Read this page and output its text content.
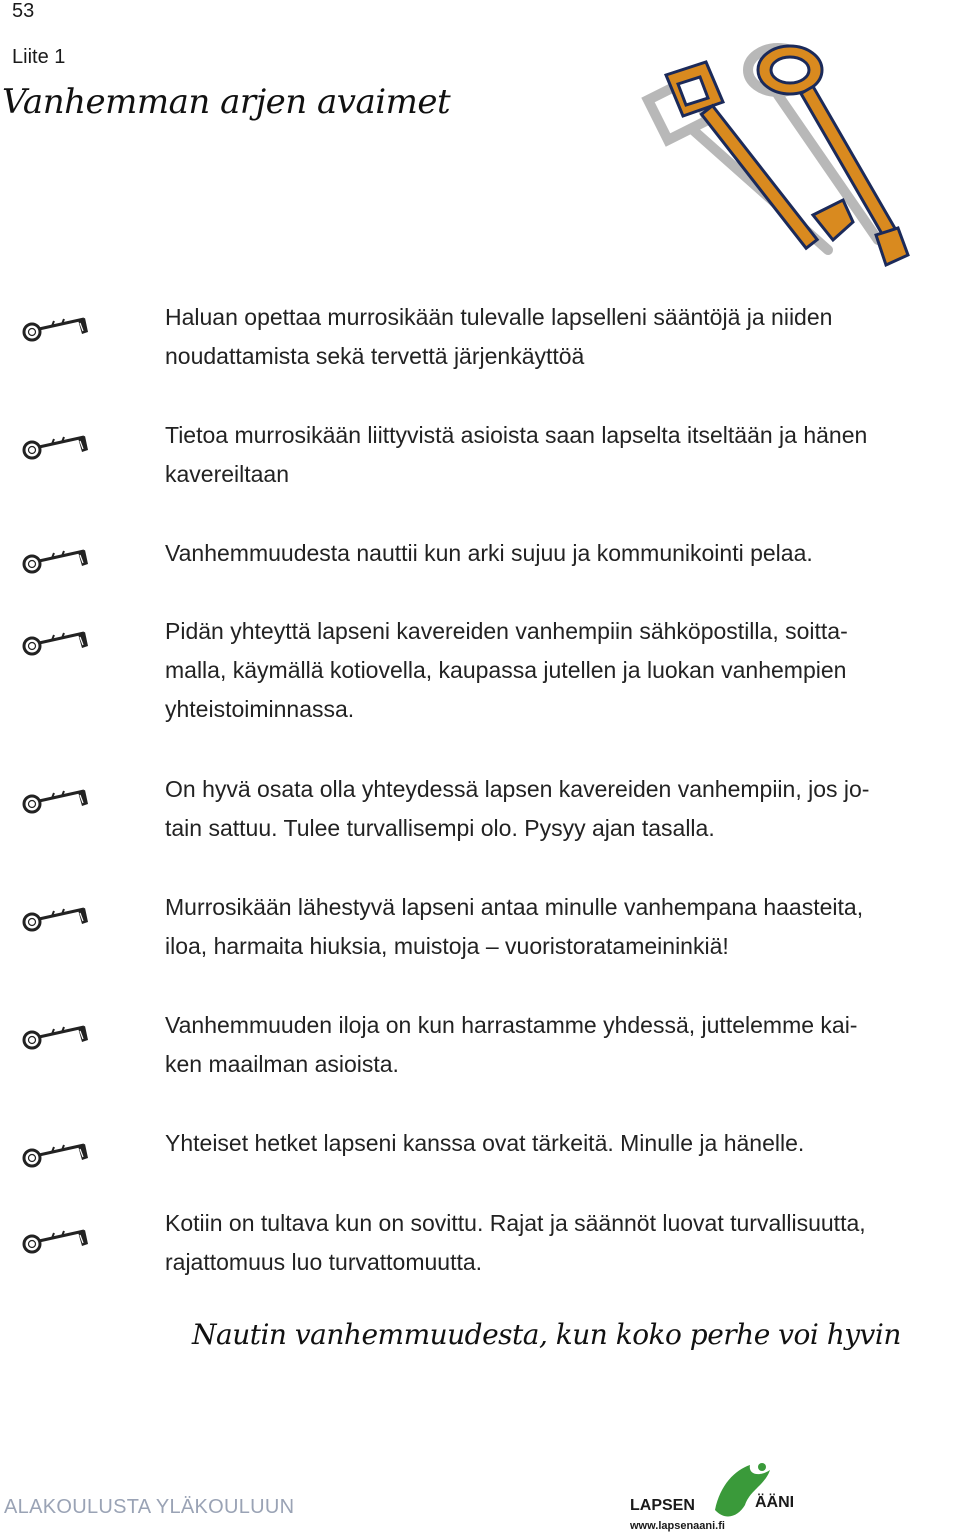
53
Liite 1
Vanhemman arjen avaimet
Haluan opettaa murrosikään tulevalle lapselleni sääntöjä ja niiden
noudattamista sekä tervettä järjenkäyttöä
Tietoa murrosikään liittyvistä asioista saan lapselta itseltään ja hänen
kavereiltaan
Vanhemmuudesta nauttii kun arki sujuu ja kommunikointi pelaa.
Pidän yhteyttä lapseni kavereiden vanhempiin sähköpostilla, soitta-
malla, käymällä kotiovella, kaupassa jutellen ja luokan vanhempien
yhteistoiminnassa.
On hyvä osata olla yhteydessä lapsen kavereiden vanhempiin, jos jo-
tain sattuu. Tulee turvallisempi olo. Pysyy ajan tasalla.
Murrosikään lähestyvä lapseni antaa minulle vanhempana haasteita,
iloa, harmaita hiuksia, muistoja – vuoristoratameininkiä!
Vanhemmuuden iloja on kun harrastamme yhdessä, juttelemme kai-
ken maailman asioista.
Yhteiset hetket lapseni kanssa ovat tärkeitä. Minulle ja hänelle.
Kotiin on tultava kun on sovittu. Rajat ja säännöt luovat turvallisuutta,
rajattomuus luo turvattomuutta.
Nautin vanhemmuudesta, kun koko perhe voi hyvin
ALAKOULUSTA YLÄKOULUUN	LAPSEN	ÄÄNI
www.lapsenaani.fi
